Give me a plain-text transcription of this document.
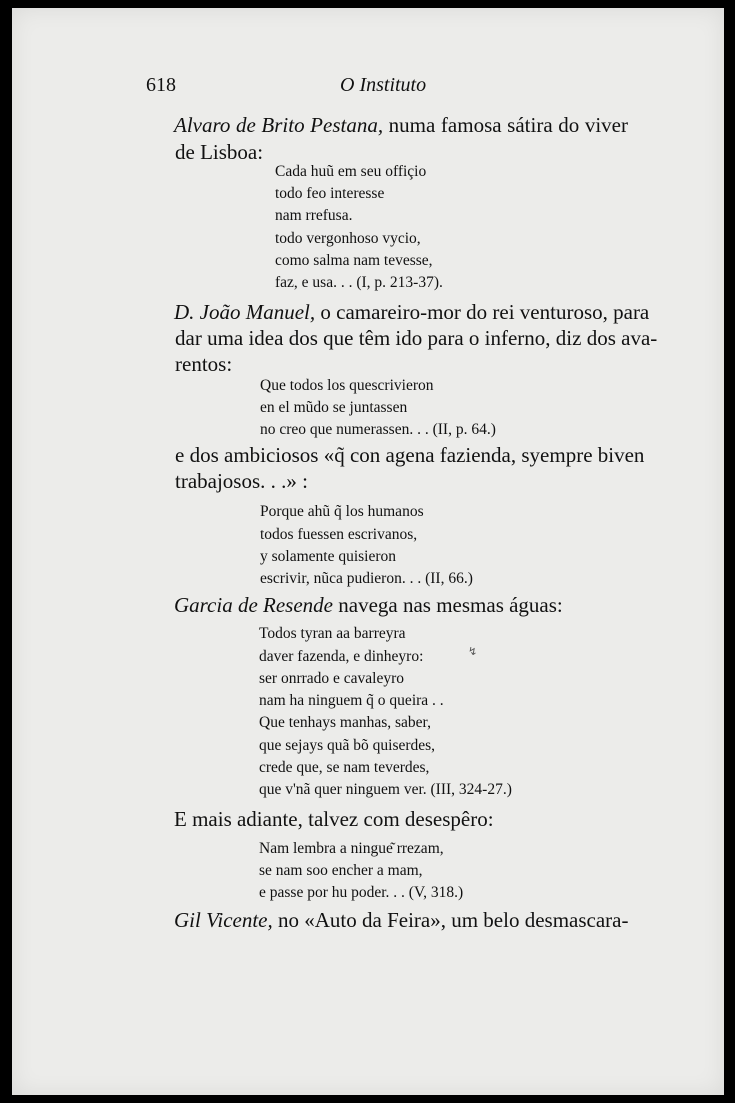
618	O Instituto
Alvaro de Brito Pestana, numa famosa sátira do viver
de Lisboa:
Cada huũ em seu offiçio
todo feo interesse
nam rrefusa.
todo vergonhoso vycio,
como salma nam tevesse,
faz, e usa. . . (I, p. 213-37).
D. João Manuel, o camareiro-mor do rei venturoso, para
dar uma idea dos que têm ido para o inferno, diz dos ava-
rentos:
Que todos los quescrivieron
en el mũdo se juntassen
no creo que numerassen. . . (II, p. 64.)
e dos ambiciosos «q̃ con agena fazienda, syempre biven
trabajosos. . .» :
Porque ahũ q̃ los humanos
todos fuessen escrivanos,
y solamente quisieron
escrivir, nũca pudieron. . . (II, 66.)
Garcia de Resende navega nas mesmas águas:
↯
Todos tyran aa barreyra
daver fazenda, e dinheyro:
ser onrrado e cavaleyro
nam ha ninguem q̃ o queira . .
Que tenhays manhas, saber,
que sejays quã bõ quiserdes,
crede que, se nam teverdes,
que v'nã quer ninguem ver. (III, 324-27.)
E mais adiante, talvez com desespêro:
Nam lembra a ningue͂ rrezam,
se nam soo encher a mam,
e passe por hu poder. . . (V, 318.)
Gil Vicente, no «Auto da Feira», um belo desmascara-
